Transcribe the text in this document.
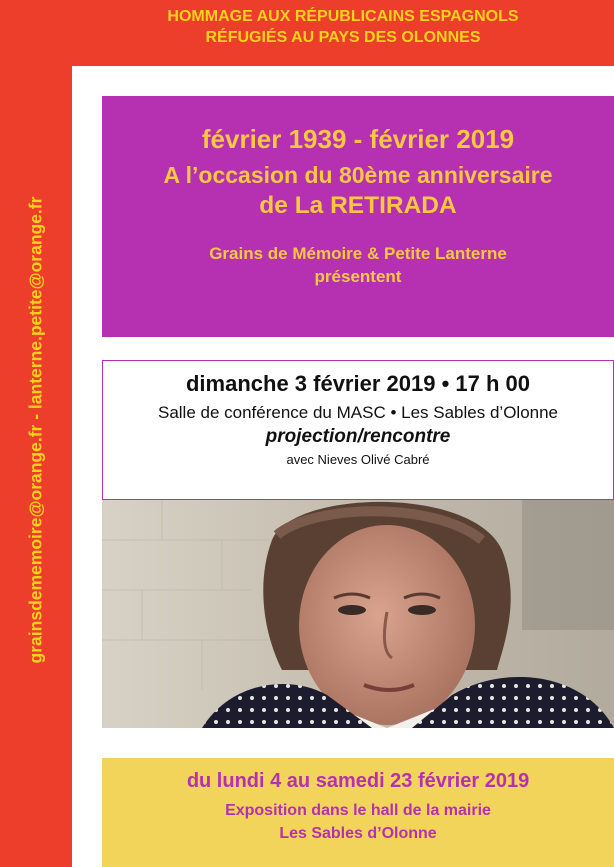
HOMMAGE AUX RÉPUBLICAINS ESPAGNOLS
RÉFUGIÉS AU PAYS DES OLONNES
grainsdememoire@orange.fr - lanterne.petite@orange.fr
février 1939 - février 2019
A l’occasion du 80ème anniversaire
de La RETIRADA
Grains de Mémoire & Petite Lanterne
présentent
dimanche 3 février 2019 • 17 h 00
Salle de conférence du MASC • Les Sables d’Olonne
projection/rencontre
avec Nieves Olivé Cabré
du lundi 4 au samedi 23 février 2019
Exposition dans le hall de la mairie
Les Sables d’Olonne
